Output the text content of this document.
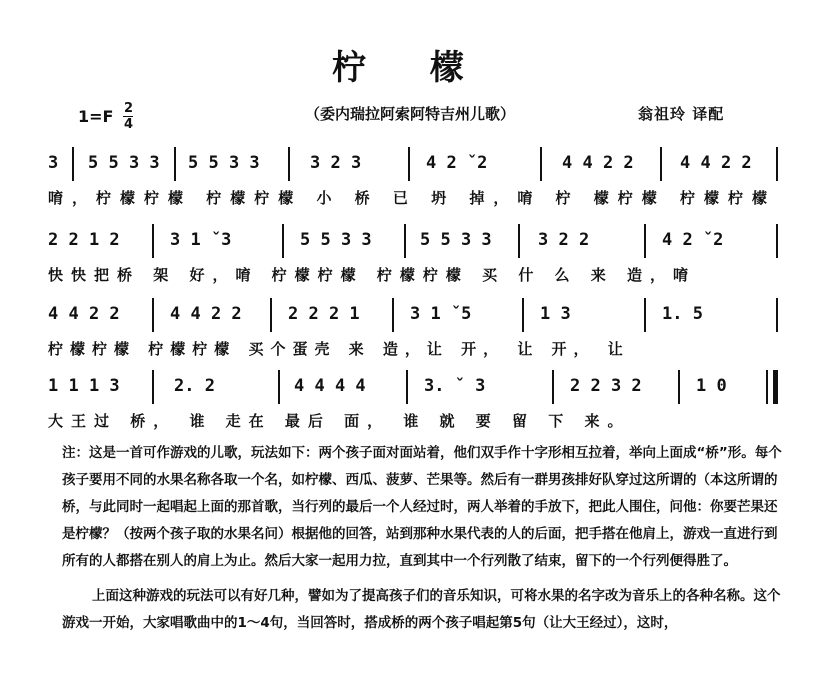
柠 檬
$1=F \frac{2}{4}$	（委内瑞拉阿索阿特吉州儿歌）	翁祖玲 译配
3 5 5 3 3 5 5 3 3	3 2 3	4 2 ˇ2	4 4 2 2	4 4 2 2
唷，柠檬柠檬 柠檬柠檬 小 桥 已 坍 掉，唷 柠 檬柠檬 柠檬柠檬
2 2 1 2	3 1 ˇ3	5 5 3 3	5 5 3 3	3 2 2	4 2 ˇ2
快快把桥 架 好，唷 柠檬柠檬 柠檬柠檬 买 什 么 来 造，唷
4 4 2 2	4 4 2 2	2 2 2 1	3 1 ˇ5	1 3	1. 5
柠檬柠檬 柠檬柠檬 买个蛋壳 来 造，让 开， 让 开， 让
1 1 1 3	2. 2	4 4 4 4	3. ˇ 3	2 2 3 2	1 0
大王过 桥， 谁 走在 最后 面， 谁 就 要 留 下 来。

注：这是一首可作游戏的儿歌，玩法如下：两个孩子面对面站着，他们双手作十字形相互拉着，举向上面成“桥”形。每个孩子要用不同的水果名称各取一个名，如柠檬、西瓜、菠萝、芒果等。然后有一群男孩排好队穿过这所谓的（本这所谓的桥，与此同时一起唱起上面的那首歌，当行列的最后一个人经过时，两人举着的手放下，把此人围住，问他：你要芒果还是柠檬？（按两个孩子取的水果名问）根据他的回答，站到那种水果代表的人的后面，把手搭在他肩上，游戏一直进行到所有的人都搭在别人的肩上为止。然后大家一起用力拉，直到其中一个行列散了结束，留下的一个行列便得胜了。

上面这种游戏的玩法可以有好几种，譬如为了提高孩子们的音乐知识，可将水果的名字改为音乐上的各种名称。这个游戏一开始，大家唱歌曲中的1～4句，当回答时，搭成桥的两个孩子唱起第5句（让大王经过），这时，
